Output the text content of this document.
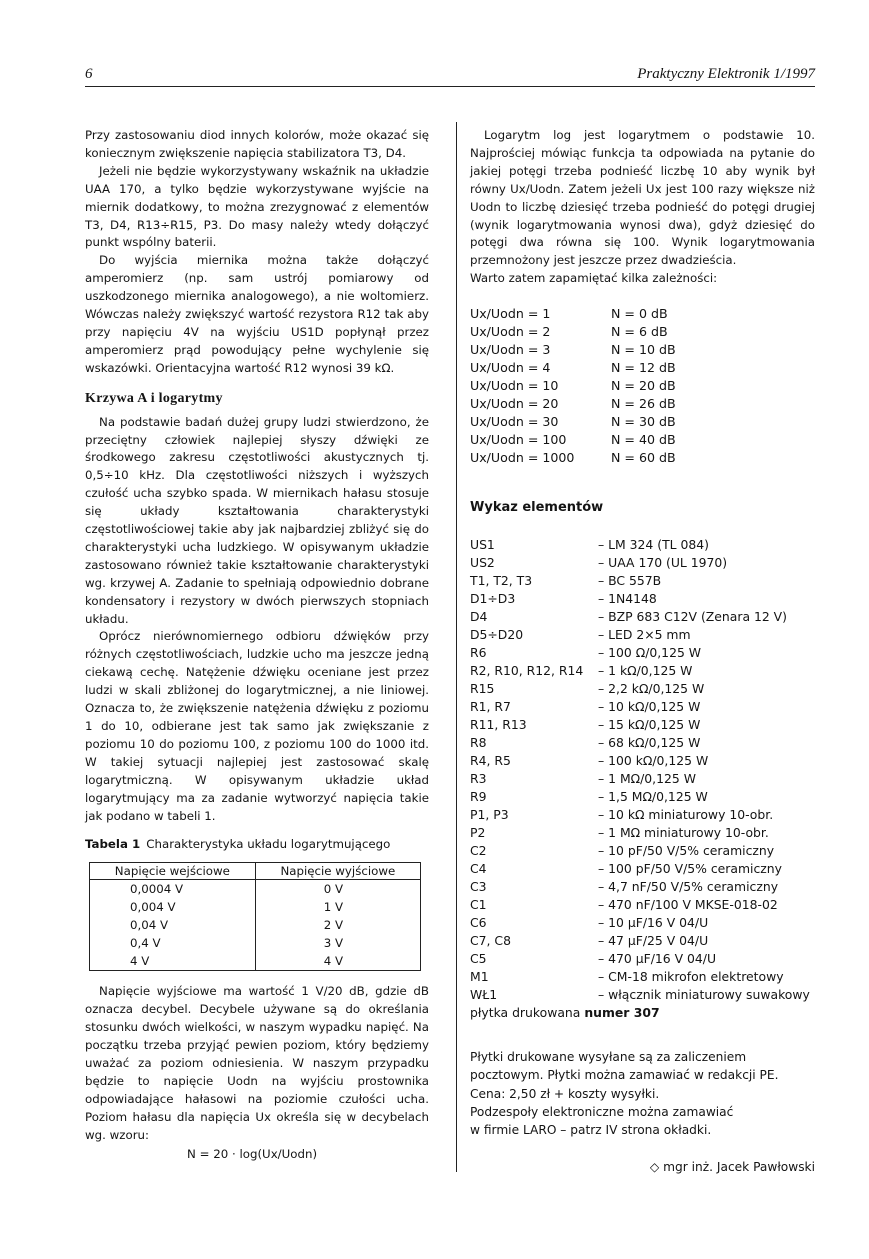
6	Praktyczny Elektronik 1/1997

Przy zastosowaniu diod innych kolorów, może okazać się koniecznym zwiększenie napięcia stabilizatora T3, D4.

Jeżeli nie będzie wykorzystywany wskaźnik na układzie UAA 170, a tylko będzie wykorzystywane wyjście na miernik dodatkowy, to można zrezygnować z elementów T3, D4, R13÷R15, P3. Do masy należy wtedy dołączyć punkt wspólny baterii.

Do wyjścia miernika można także dołączyć amperomierz (np. sam ustrój pomiarowy od uszkodzonego miernika analogowego), a nie woltomierz. Wówczas należy zwiększyć wartość rezystora R12 tak aby przy napięciu 4V na wyjściu US1D popłynął przez amperomierz prąd powodujący pełne wychylenie się wskazówki. Orientacyjna wartość R12 wynosi 39 kΩ.

Krzywa A i logarytmy

Na podstawie badań dużej grupy ludzi stwierdzono, że przeciętny człowiek najlepiej słyszy dźwięki ze środkowego zakresu częstotliwości akustycznych tj. 0,5÷10 kHz. Dla częstotliwości niższych i wyższych czułość ucha szybko spada. W miernikach hałasu stosuje się układy kształtowania charakterystyki częstotliwościowej takie aby jak najbardziej zbliżyć się do charakterystyki ucha ludzkiego. W opisywanym układzie zastosowano również takie kształtowanie charakterystyki wg. krzywej A. Zadanie to spełniają odpowiednio dobrane kondensatory i rezystory w dwóch pierwszych stopniach układu.

Oprócz nierównomiernego odbioru dźwięków przy różnych częstotliwościach, ludzkie ucho ma jeszcze jedną ciekawą cechę. Natężenie dźwięku oceniane jest przez ludzi w skali zbliżonej do logarytmicznej, a nie liniowej. Oznacza to, że zwiększenie natężenia dźwięku z poziomu 1 do 10, odbierane jest tak samo jak zwiększanie z poziomu 10 do poziomu 100, z poziomu 100 do 1000 itd. W takiej sytuacji najlepiej jest zastosować skalę logarytmiczną. W opisywanym układzie układ logarytmujący ma za zadanie wytworzyć napięcia takie jak podano w tabeli 1.

Tabela 1 Charakterystyka układu logarytmującego
Napięcie wejściowe	Napięcie wyjściowe
0,0004 V	0 V
0,004 V	1 V
0,04 V	2 V
0,4 V	3 V
4 V	4 V

Napięcie wyjściowe ma wartość 1 V/20 dB, gdzie dB oznacza decybel. Decybele używane są do określania stosunku dwóch wielkości, w naszym wypadku napięć. Na początku trzeba przyjąć pewien poziom, który będziemy uważać za poziom odniesienia. W naszym przypadku będzie to napięcie Uodn na wyjściu prostownika odpowiadające hałasowi na poziomie czułości ucha. Poziom hałasu dla napięcia Ux określa się w decybelach wg. wzoru:

N = 20 · log(Ux/Uodn)

Logarytm log jest logarytmem o podstawie 10. Najprościej mówiąc funkcja ta odpowiada na pytanie do jakiej potęgi trzeba podnieść liczbę 10 aby wynik był równy Ux/Uodn. Zatem jeżeli Ux jest 100 razy większe niż Uodn to liczbę dziesięć trzeba podnieść do potęgi drugiej (wynik logarytmowania wynosi dwa), gdyż dziesięć do potęgi dwa równa się 100. Wynik logarytmowania przemnożony jest jeszcze przez dwadzieścia.

Warto zatem zapamiętać kilka zależności:

Ux/Uodn = 1	N = 0 dB
Ux/Uodn = 2	N = 6 dB
Ux/Uodn = 3	N = 10 dB
Ux/Uodn = 4	N = 12 dB
Ux/Uodn = 10	N = 20 dB
Ux/Uodn = 20	N = 26 dB
Ux/Uodn = 30	N = 30 dB
Ux/Uodn = 100	N = 40 dB
Ux/Uodn = 1000	N = 60 dB
Wykaz elementów
US1	– LM 324 (TL 084)
US2	– UAA 170 (UL 1970)
T1, T2, T3	– BC 557B
D1÷D3	– 1N4148
D4	– BZP 683 C12V (Zenara 12 V)
D5÷D20	– LED 2×5 mm
R6	– 100 Ω/0,125 W
R2, R10, R12, R14 – 1 kΩ/0,125 W
R15	– 2,2 kΩ/0,125 W
R1, R7	– 10 kΩ/0,125 W
R11, R13	– 15 kΩ/0,125 W
R8	– 68 kΩ/0,125 W
R4, R5	– 100 kΩ/0,125 W
R3	– 1 MΩ/0,125 W
R9	– 1,5 MΩ/0,125 W
P1, P3	– 10 kΩ miniaturowy 10-obr.
P2	– 1 MΩ miniaturowy 10-obr.
C2	– 10 pF/50 V/5% ceramiczny
C4	– 100 pF/50 V/5% ceramiczny
C3	– 4,7 nF/50 V/5% ceramiczny
C1	– 470 nF/100 V MKSE-018-02
C6	– 10 μF/16 V 04/U
C7, C8	– 47 μF/25 V 04/U
C5	– 470 μF/16 V 04/U
M1	– CM-18 mikrofon elektretowy
WŁ1	– włącznik miniaturowy suwakowy
płytka drukowana numer 307
Płytki drukowane wysyłane są za zaliczeniem
pocztowym. Płytki można zamawiać w redakcji PE.
Cena: 2,50 zł + koszty wysyłki.
Podzespoły elektroniczne można zamawiać
w firmie LARO – patrz IV strona okładki.
◇ mgr inż. Jacek Pawłowski
